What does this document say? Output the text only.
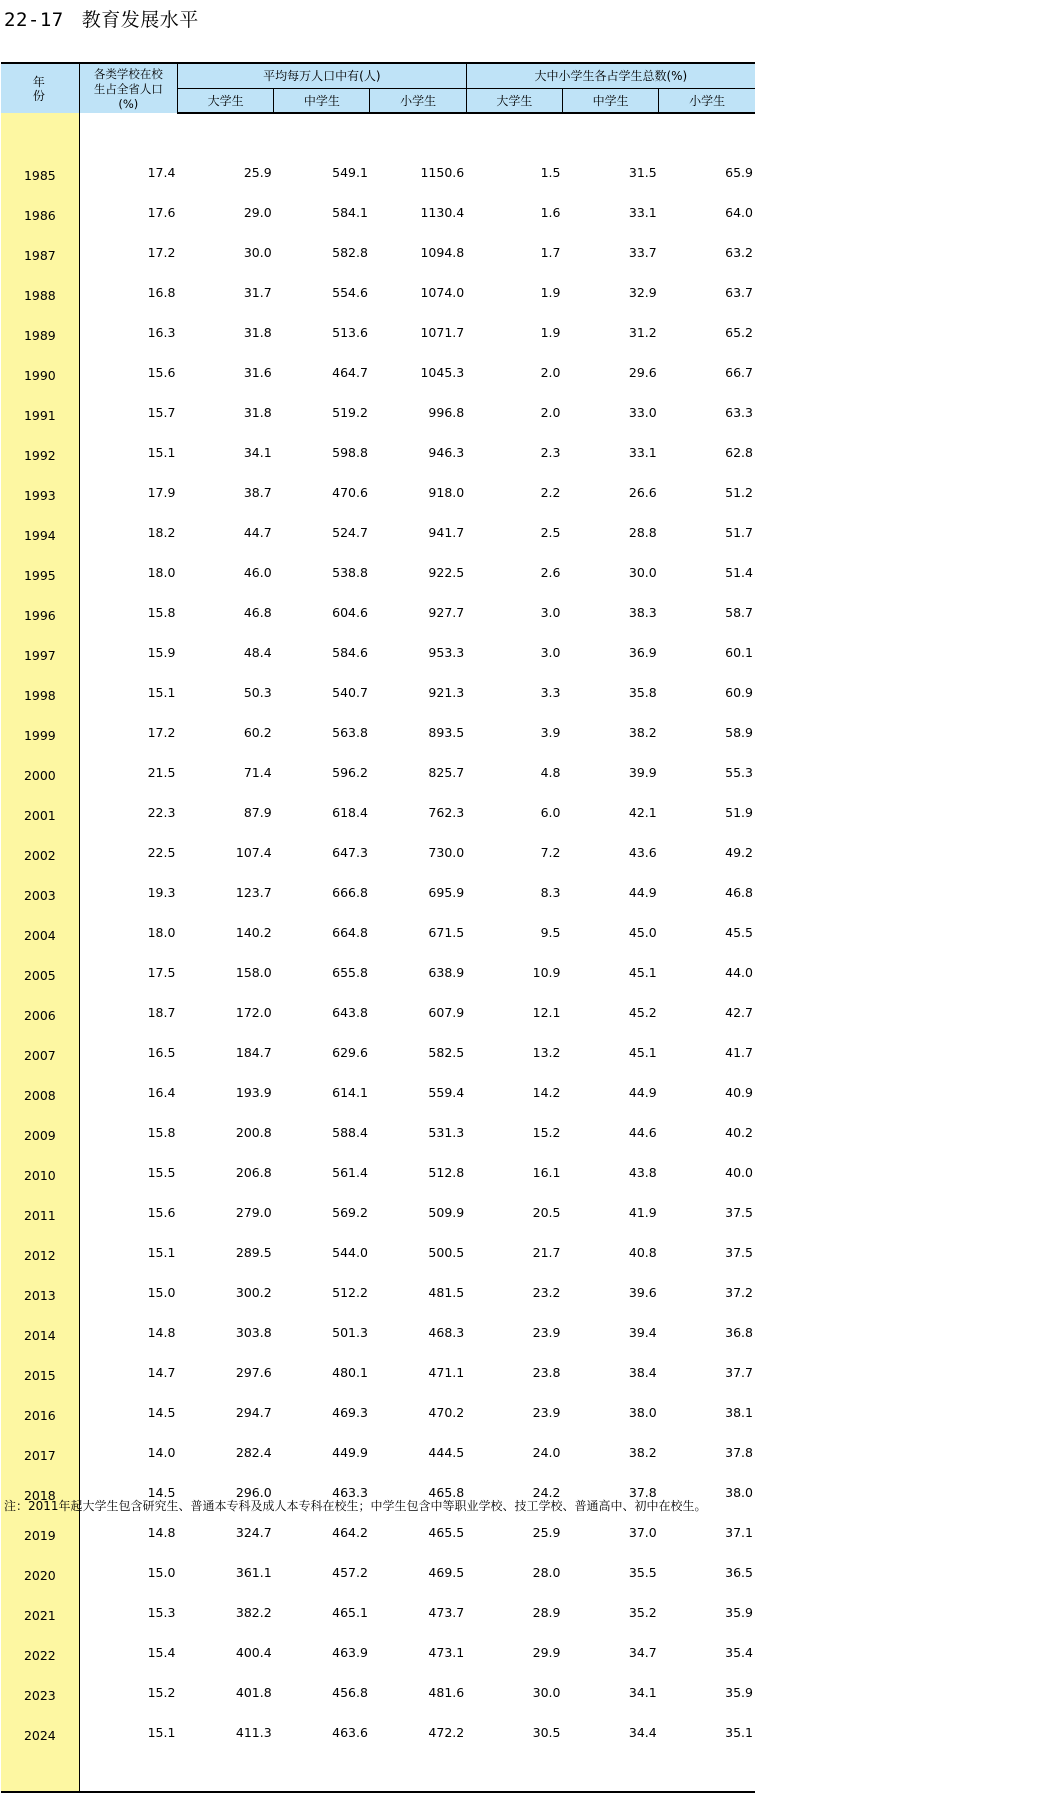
22-17 教育发展水平
年 份	各类学校在校
生占全省人口
(%)	平均每万人口中有(人)			大中小学生各占学生总数(%)		
		大学生	中学生	小学生	大学生	中学生	小学生

1985	17.4	25.9	549.1	1150.6	1.5	31.5	65.9
1986	17.6	29.0	584.1	1130.4	1.6	33.1	64.0
1987	17.2	30.0	582.8	1094.8	1.7	33.7	63.2
1988	16.8	31.7	554.6	1074.0	1.9	32.9	63.7
1989	16.3	31.8	513.6	1071.7	1.9	31.2	65.2
1990	15.6	31.6	464.7	1045.3	2.0	29.6	66.7
1991	15.7	31.8	519.2	996.8	2.0	33.0	63.3
1992	15.1	34.1	598.8	946.3	2.3	33.1	62.8
1993	17.9	38.7	470.6	918.0	2.2	26.6	51.2
1994	18.2	44.7	524.7	941.7	2.5	28.8	51.7
1995	18.0	46.0	538.8	922.5	2.6	30.0	51.4
1996	15.8	46.8	604.6	927.7	3.0	38.3	58.7
1997	15.9	48.4	584.6	953.3	3.0	36.9	60.1
1998	15.1	50.3	540.7	921.3	3.3	35.8	60.9
1999	17.2	60.2	563.8	893.5	3.9	38.2	58.9
2000	21.5	71.4	596.2	825.7	4.8	39.9	55.3
2001	22.3	87.9	618.4	762.3	6.0	42.1	51.9
2002	22.5	107.4	647.3	730.0	7.2	43.6	49.2
2003	19.3	123.7	666.8	695.9	8.3	44.9	46.8
2004	18.0	140.2	664.8	671.5	9.5	45.0	45.5
2005	17.5	158.0	655.8	638.9	10.9	45.1	44.0
2006	18.7	172.0	643.8	607.9	12.1	45.2	42.7
2007	16.5	184.7	629.6	582.5	13.2	45.1	41.7
2008	16.4	193.9	614.1	559.4	14.2	44.9	40.9
2009	15.8	200.8	588.4	531.3	15.2	44.6	40.2
2010	15.5	206.8	561.4	512.8	16.1	43.8	40.0
2011	15.6	279.0	569.2	509.9	20.5	41.9	37.5
2012	15.1	289.5	544.0	500.5	21.7	40.8	37.5
2013	15.0	300.2	512.2	481.5	23.2	39.6	37.2
2014	14.8	303.8	501.3	468.3	23.9	39.4	36.8
2015	14.7	297.6	480.1	471.1	23.8	38.4	37.7
2016	14.5	294.7	469.3	470.2	23.9	38.0	38.1
2017	14.0	282.4	449.9	444.5	24.0	38.2	37.8
2018	14.5	296.0	463.3	465.8	24.2	37.8	38.0
2019	14.8	324.7	464.2	465.5	25.9	37.0	37.1
2020	15.0	361.1	457.2	469.5	28.0	35.5	36.5
2021	15.3	382.2	465.1	473.7	28.9	35.2	35.9
2022	15.4	400.4	463.9	473.1	29.9	34.7	35.4
2023	15.2	401.8	456.8	481.6	30.0	34.1	35.9
2024	15.1	411.3	463.6	472.2	30.5	34.4	35.1

注：2011年起大学生包含研究生、普通本专科及成人本专科在校生；中学生包含中等职业学校、技工学校、普通高中、初中在校生。
